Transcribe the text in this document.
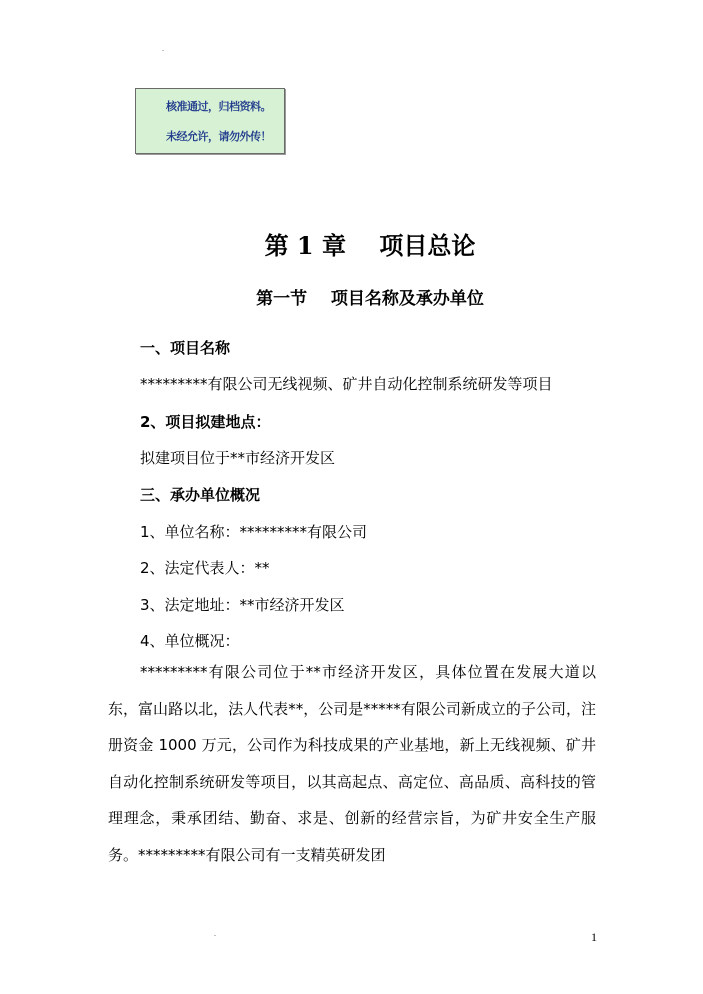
核准通过，归档资料。
未经允许，请勿外传！
第 1 章    项目总论
第一节    项目名称及承办单位
一、项目名称
*********有限公司无线视频、矿井自动化控制系统研发等项目
2、项目拟建地点：
拟建项目位于**市经济开发区
三、承办单位概况
1、单位名称：*********有限公司
2、法定代表人：**
3、法定地址：**市经济开发区
4、单位概况：
*********有限公司位于**市经济开发区，具体位置在发展大道以东，富山路以北，法人代表**，公司是*****有限公司新成立的子公司，注册资金 1000 万元，公司作为科技成果的产业基地，新上无线视频、矿井自动化控制系统研发等项目，以其高起点、高定位、高品质、高科技的管理理念，秉承团结、勤奋、求是、创新的经营宗旨，为矿井安全生产服务。*********有限公司有一支精英研发团
1
